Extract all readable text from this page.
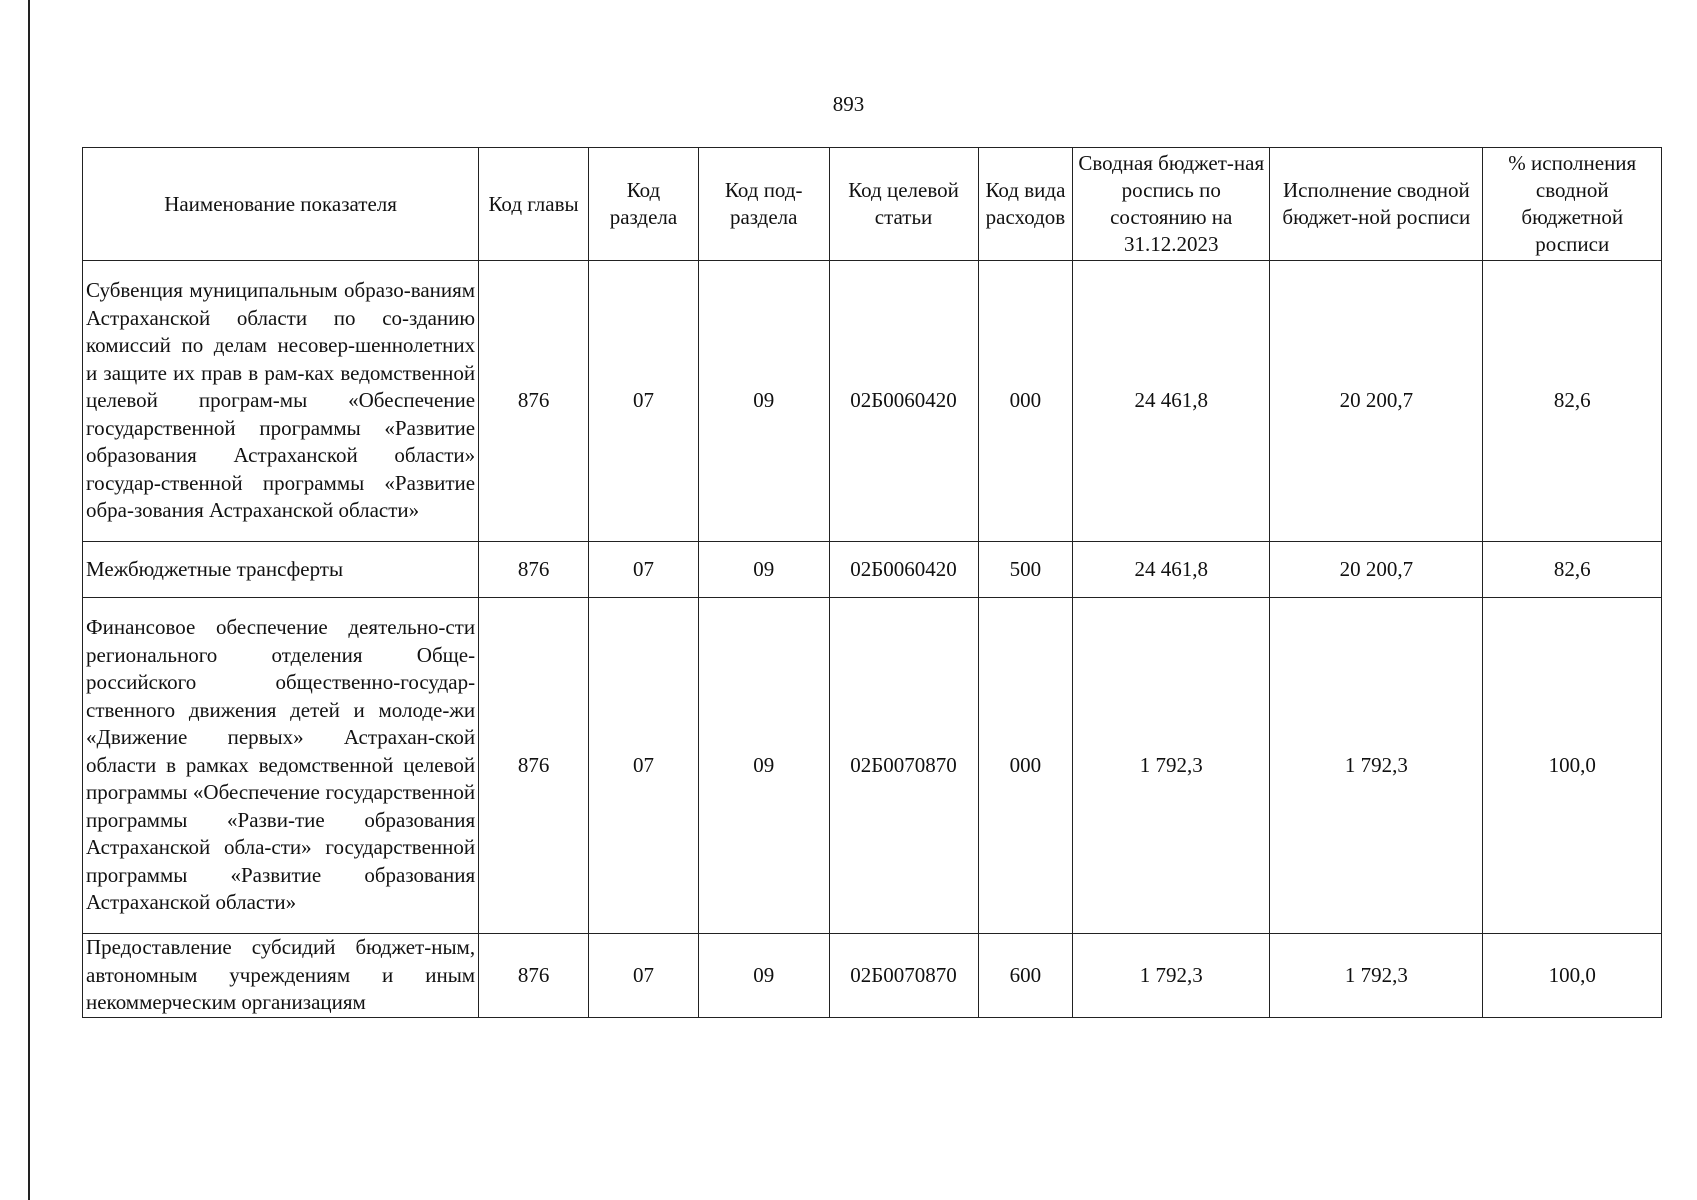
893
Наименование показателя	Код главы	Код раздела	Код под-раздела	Код целевой статьи	Код вида расходов	Сводная бюджет-ная роспись по состоянию на 31.12.2023	Исполнение сводной бюджет-ной росписи	% исполнения сводной бюджетной росписи
Субвенция муниципальным образо-ваниям Астраханской области по со-зданию комиссий по делам несовер-шеннолетних и защите их прав в рам-ках ведомственной целевой програм-мы «Обеспечение государственной программы «Развитие образования Астраханской области» государ-ственной программы «Развитие обра-зования Астраханской области»	876	07	09	02Б0060420	000	24 461,8	20 200,7	82,6
Межбюджетные трансферты	876	07	09	02Б0060420	500	24 461,8	20 200,7	82,6
Финансовое обеспечение деятельно-сти регионального отделения Обще-российского общественно-государ-ственного движения детей и молоде-жи «Движение первых» Астрахан-ской области в рамках ведомственной целевой программы «Обеспечение государственной программы «Разви-тие образования Астраханской обла-сти» государственной программы «Развитие образования Астраханской области»	876	07	09	02Б0070870	000	1 792,3	1 792,3	100,0
Предоставление субсидий бюджет-ным, автономным учреждениям и иным некоммерческим организациям	876	07	09	02Б0070870	600	1 792,3	1 792,3	100,0
